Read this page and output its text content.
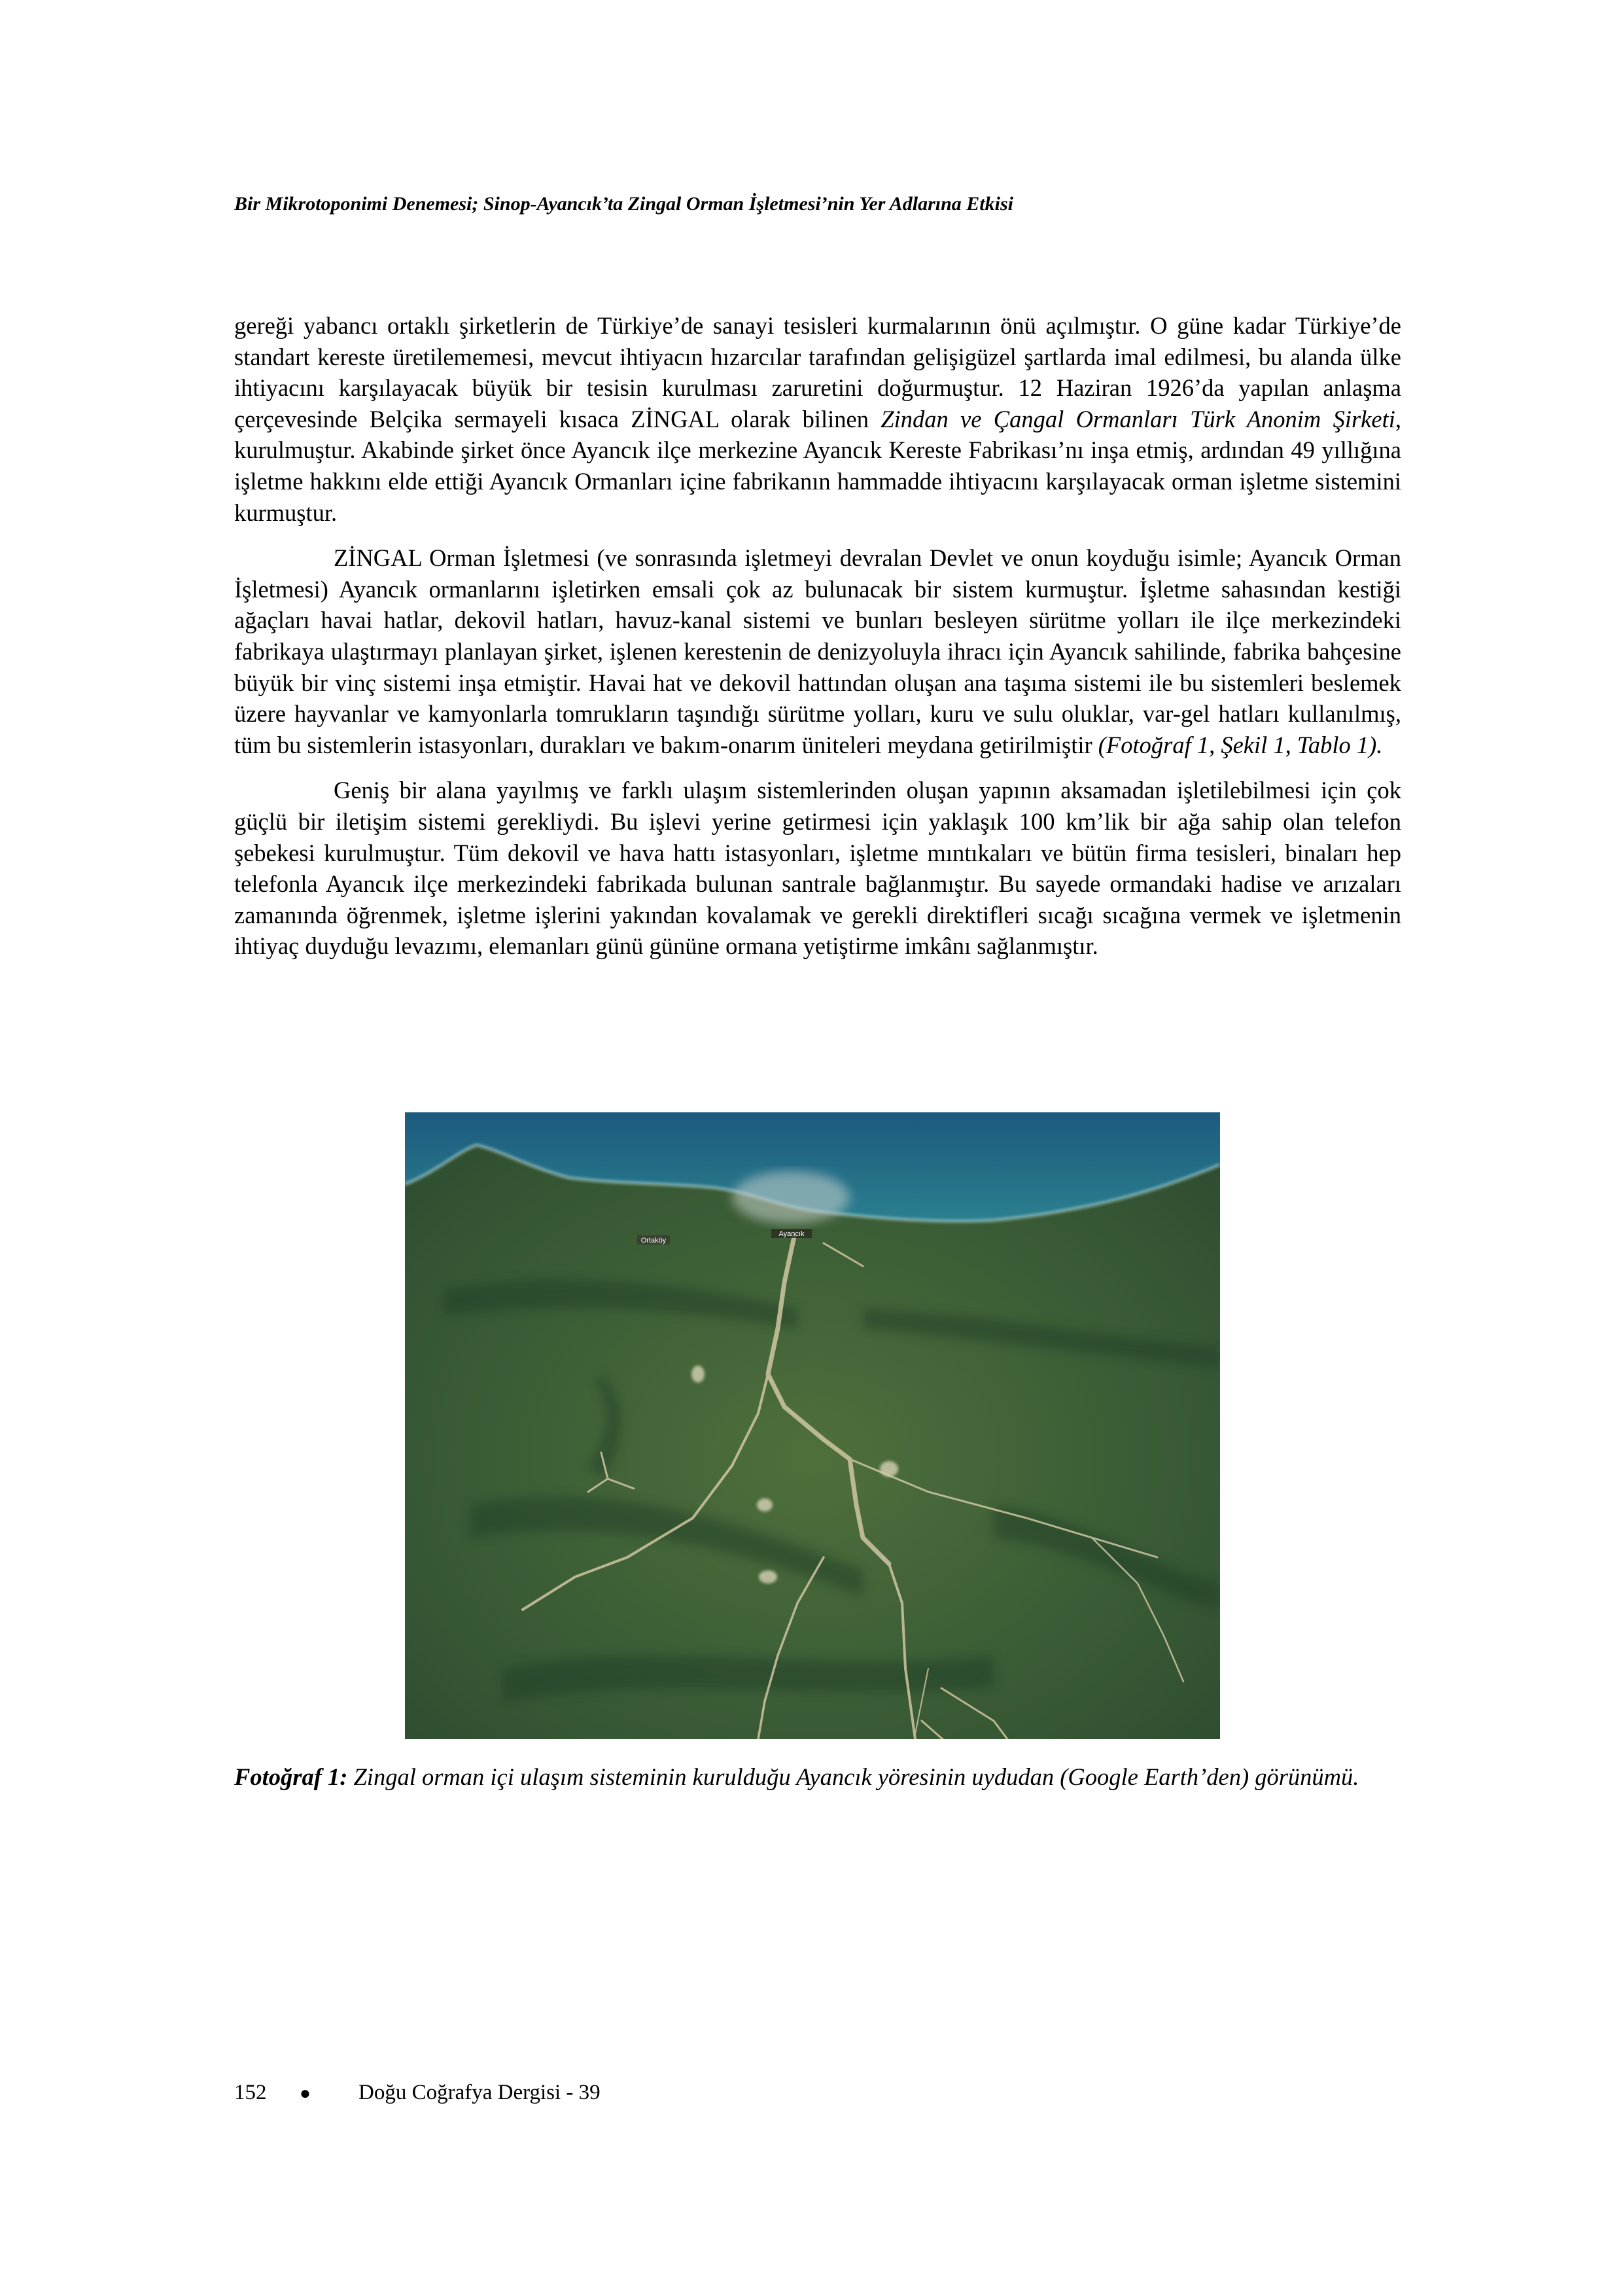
Bir Mikrotoponimi Denemesi; Sinop-Ayancık’ta Zingal Orman İşletmesi’nin Yer Adlarına Etkisi

gereği yabancı ortaklı şirketlerin de Türkiye’de sanayi tesisleri kurmalarının önü açılmıştır. O güne kadar Türkiye’de standart kereste üretilememesi, mevcut ihtiyacın hızarcılar tarafından gelişigüzel şartlarda imal edilmesi, bu alanda ülke ihtiyacını karşılayacak büyük bir tesisin kurulması zaruretini doğurmuştur. 12 Haziran 1926’da yapılan anlaşma çerçevesinde Belçika sermayeli kısaca ZİNGAL olarak bilinen Zindan ve Çangal Ormanları Türk Anonim Şirketi, kurulmuştur. Akabinde şirket önce Ayancık ilçe merkezine Ayancık Kereste Fabrikası’nı inşa etmiş, ardından 49 yıllığına işletme hakkını elde ettiği Ayancık Ormanları içine fabrikanın hammadde ihtiyacını karşılayacak orman işletme sistemini kurmuştur.

ZİNGAL Orman İşletmesi (ve sonrasında işletmeyi devralan Devlet ve onun koyduğu isimle; Ayancık Orman İşletmesi) Ayancık ormanlarını işletirken emsali çok az bulunacak bir sistem kurmuştur. İşletme sahasından kestiği ağaçları havai hatlar, dekovil hatları, havuz-kanal sistemi ve bunları besleyen sürütme yolları ile ilçe merkezindeki fabrikaya ulaştırmayı planlayan şirket, işlenen kerestenin de denizyoluyla ihracı için Ayancık sahilinde, fabrika bahçesine büyük bir vinç sistemi inşa etmiştir. Havai hat ve dekovil hattından oluşan ana taşıma sistemi ile bu sistemleri beslemek üzere hayvanlar ve kamyonlarla tomrukların taşındığı sürütme yolları, kuru ve sulu oluklar, var-gel hatları kullanılmış, tüm bu sistemlerin istasyonları, durakları ve bakım-onarım üniteleri meydana getirilmiştir (Fotoğraf 1, Şekil 1, Tablo 1).

Geniş bir alana yayılmış ve farklı ulaşım sistemlerinden oluşan yapının aksamadan işletilebilmesi için çok güçlü bir iletişim sistemi gerekliydi. Bu işlevi yerine getirmesi için yaklaşık 100 km’lik bir ağa sahip olan telefon şebekesi kurulmuştur. Tüm dekovil ve hava hattı istasyonları, işletme mıntıkaları ve bütün firma tesisleri, binaları hep telefonla Ayancık ilçe merkezindeki fabrikada bulunan santrale bağlanmıştır. Bu sayede ormandaki hadise ve arızaları zamanında öğrenmek, işletme işlerini yakından kovalamak ve gerekli direktifleri sıcağı sıcağına vermek ve işletmenin ihtiyaç duyduğu levazımı, elemanları günü gününe ormana yetiştirme imkânı sağlanmıştır.

Ortaköy
Ayancık
Fotoğraf 1: Zingal orman içi ulaşım sisteminin kurulduğu Ayancık yöresinin uydudan (Google Earth’den) görünümü.
152 ● Doğu Coğrafya Dergisi - 39
